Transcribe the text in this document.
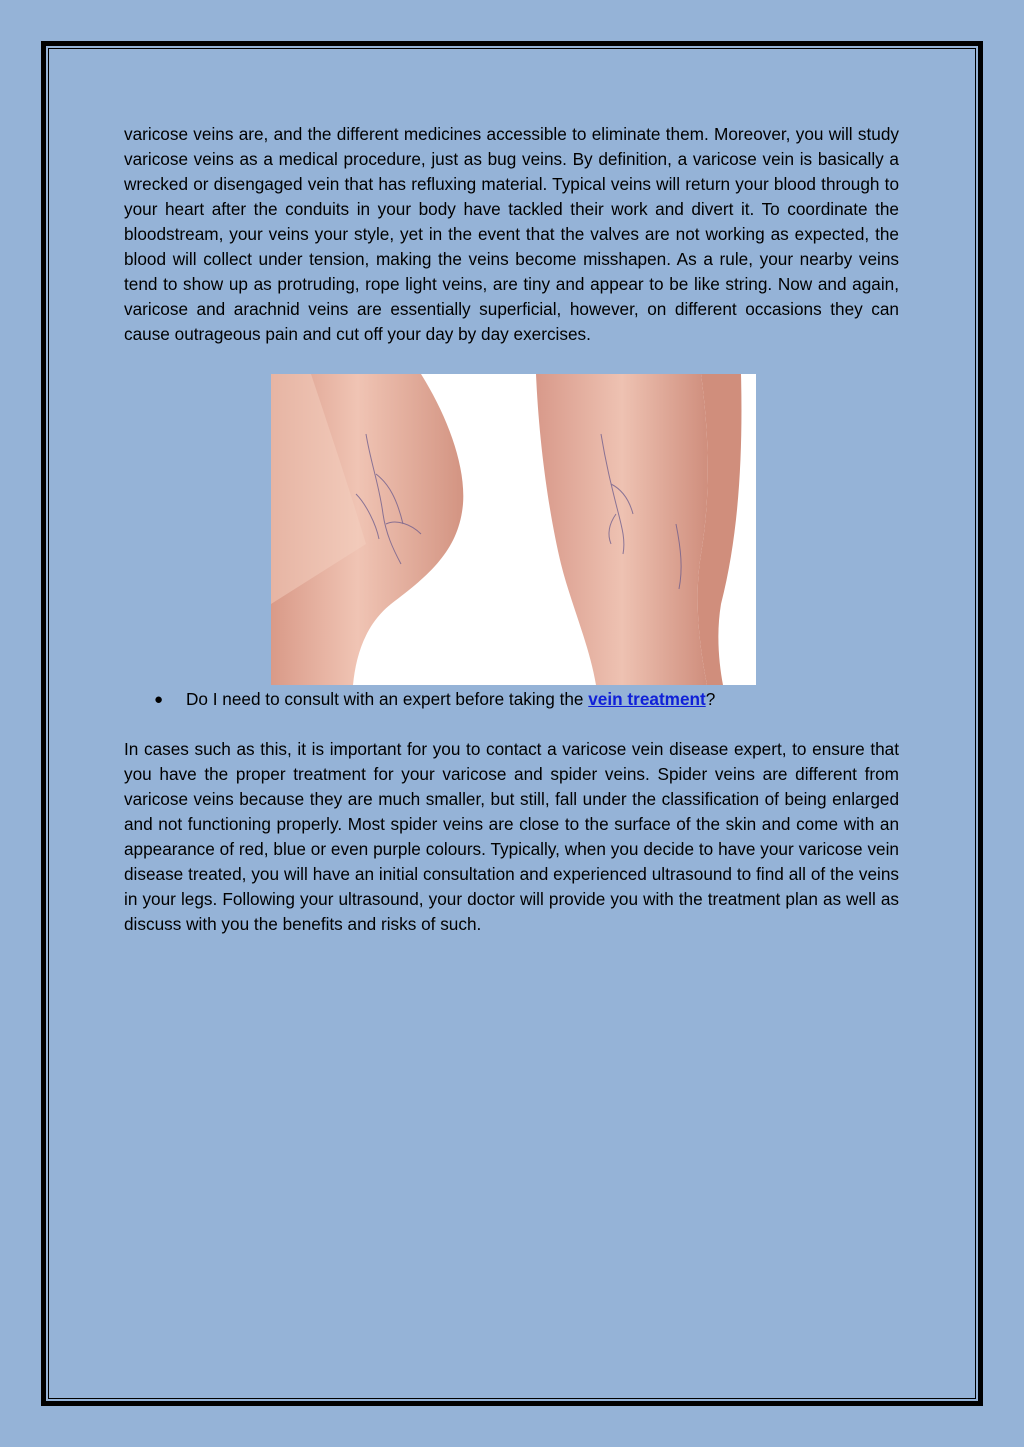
varicose veins are, and the different medicines accessible to eliminate them. Moreover, you will study varicose veins as a medical procedure, just as bug veins. By definition, a varicose vein is basically a wrecked or disengaged vein that has refluxing material. Typical veins will return your blood through to your heart after the conduits in your body have tackled their work and divert it. To coordinate the bloodstream, your veins your style, yet in the event that the valves are not working as expected, the blood will collect under tension, making the veins become misshapen. As a rule, your nearby veins tend to show up as protruding, rope light veins, are tiny and appear to be like string. Now and again, varicose and arachnid veins are essentially superficial, however, on different occasions they can cause outrageous pain and cut off your day by day exercises.

● Do I need to consult with an expert before taking the vein treatment?

In cases such as this, it is important for you to contact a varicose vein disease expert, to ensure that you have the proper treatment for your varicose and spider veins. Spider veins are different from varicose veins because they are much smaller, but still, fall under the classification of being enlarged and not functioning properly. Most spider veins are close to the surface of the skin and come with an appearance of red, blue or even purple colours. Typically, when you decide to have your varicose vein disease treated, you will have an initial consultation and experienced ultrasound to find all of the veins in your legs. Following your ultrasound, your doctor will provide you with the treatment plan as well as discuss with you the benefits and risks of such.
